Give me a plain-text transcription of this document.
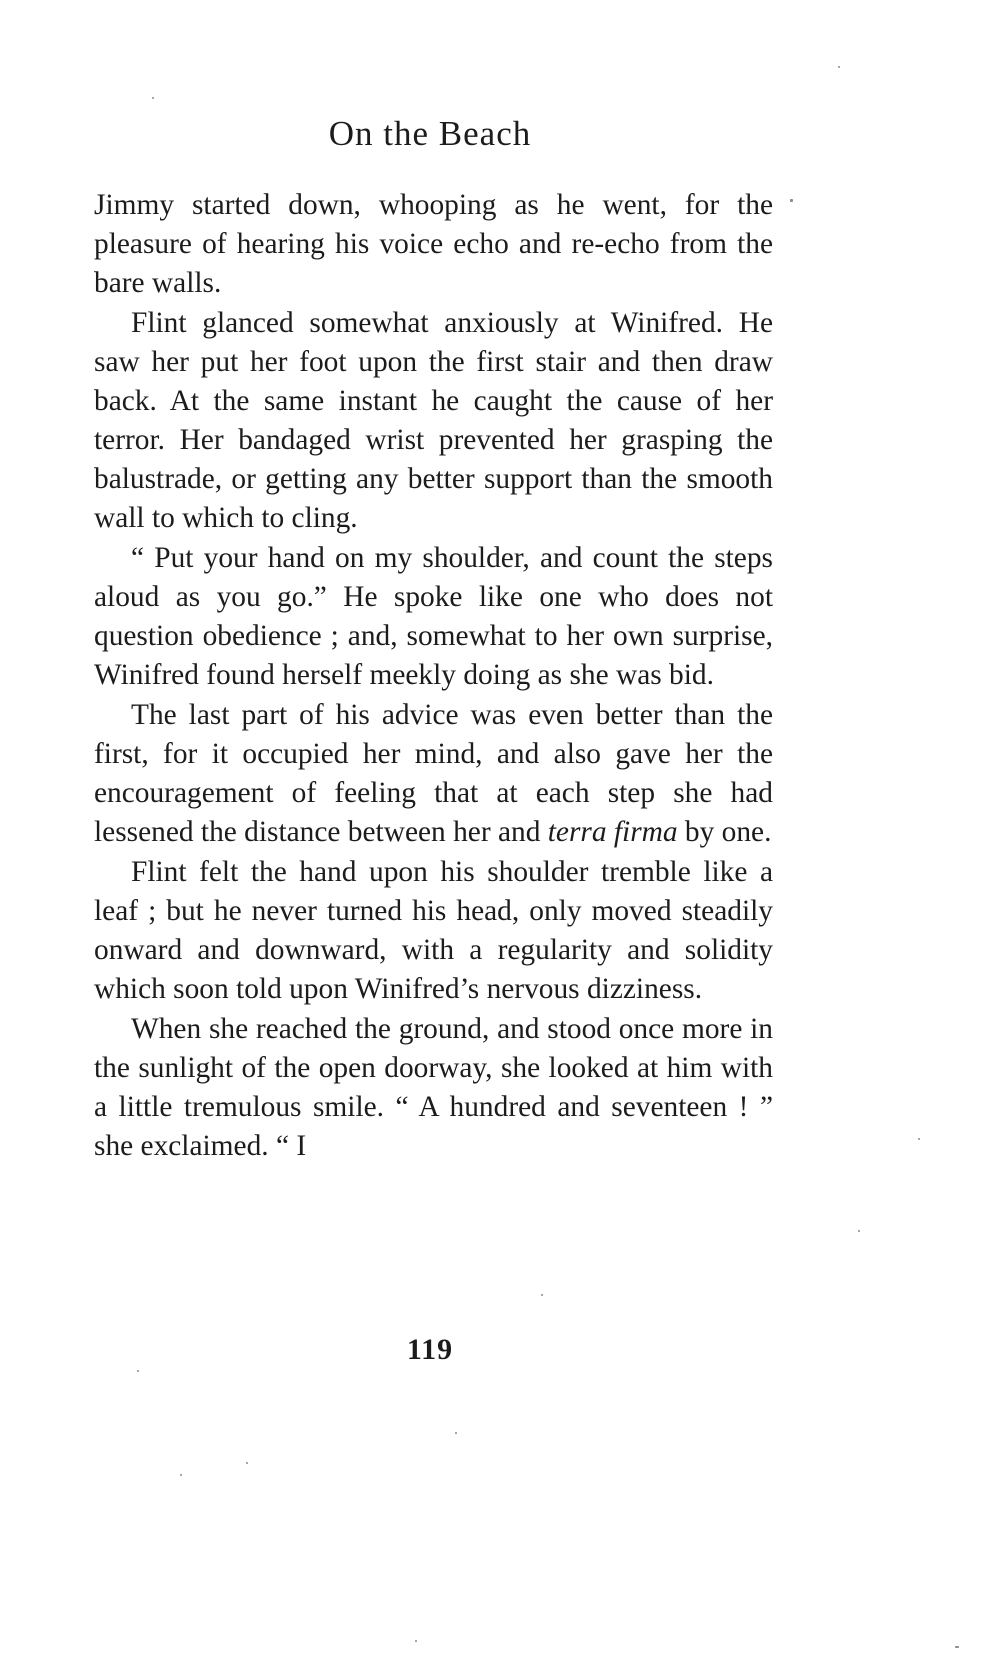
On the Beach

Jimmy started down, whooping as he went, for the pleasure of hearing his voice echo and re-echo from the bare walls.

Flint glanced somewhat anxiously at Winifred. He saw her put her foot upon the first stair and then draw back. At the same instant he caught the cause of her terror. Her bandaged wrist prevented her grasping the balustrade, or getting any better support than the smooth wall to which to cling.

“ Put your hand on my shoulder, and count the steps aloud as you go.” He spoke like one who does not question obedience ; and, somewhat to her own surprise, Winifred found herself meekly doing as she was bid.

The last part of his advice was even better than the first, for it occupied her mind, and also gave her the encouragement of feeling that at each step she had lessened the distance between her and terra firma by one.

Flint felt the hand upon his shoulder tremble like a leaf ; but he never turned his head, only moved steadily onward and downward, with a regularity and solidity which soon told upon Winifred’s nervous dizziness.

When she reached the ground, and stood once more in the sunlight of the open doorway, she looked at him with a little tremulous smile. “ A hundred and seventeen ! ” she exclaimed. “ I

119
